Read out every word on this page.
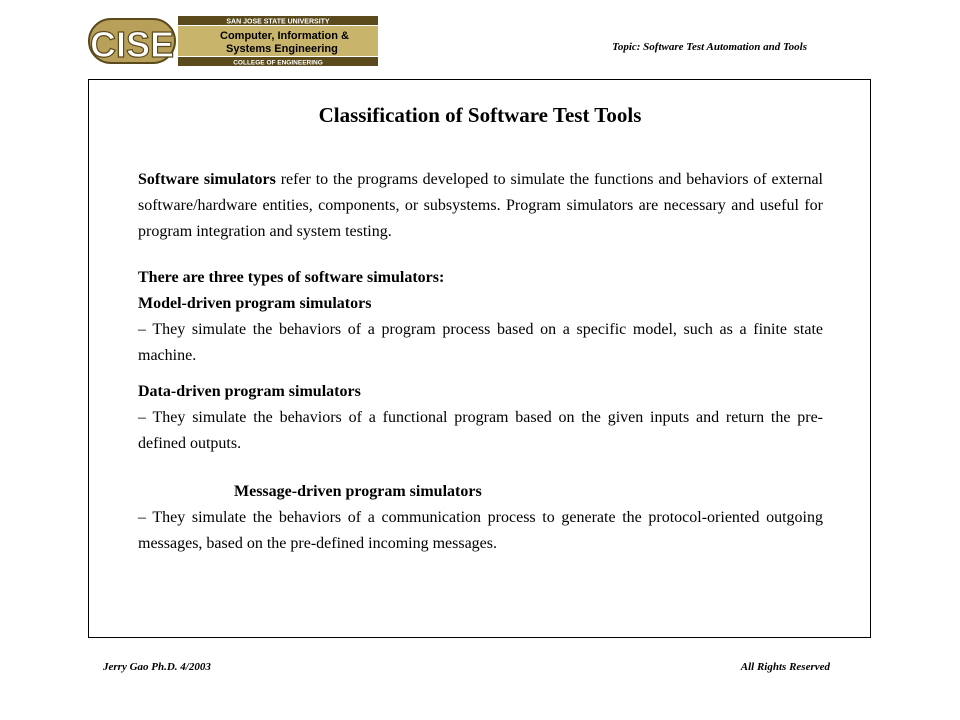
CISE
SAN JOSE STATE UNIVERSITY
Computer, Information &
Systems Engineering
COLLEGE OF ENGINEERING
Topic: Software Test Automation and Tools
Classification of Software Test Tools

Software simulators refer to the programs developed to simulate the functions and behaviors of external software/hardware entities, components, or subsystems. Program simulators are necessary and useful for program integration and system testing.

There are three types of software simulators:

Model-driven program simulators

– They simulate the behaviors of a program process based on a specific model, such as a finite state machine.

Data-driven program simulators

– They simulate the behaviors of a functional program based on the given inputs and return the pre-defined outputs.

Message-driven program simulators

– They simulate the behaviors of a communication process to generate the protocol-oriented outgoing messages, based on the pre-defined incoming messages.

Jerry Gao Ph.D. 4/2003	All Rights Reserved
